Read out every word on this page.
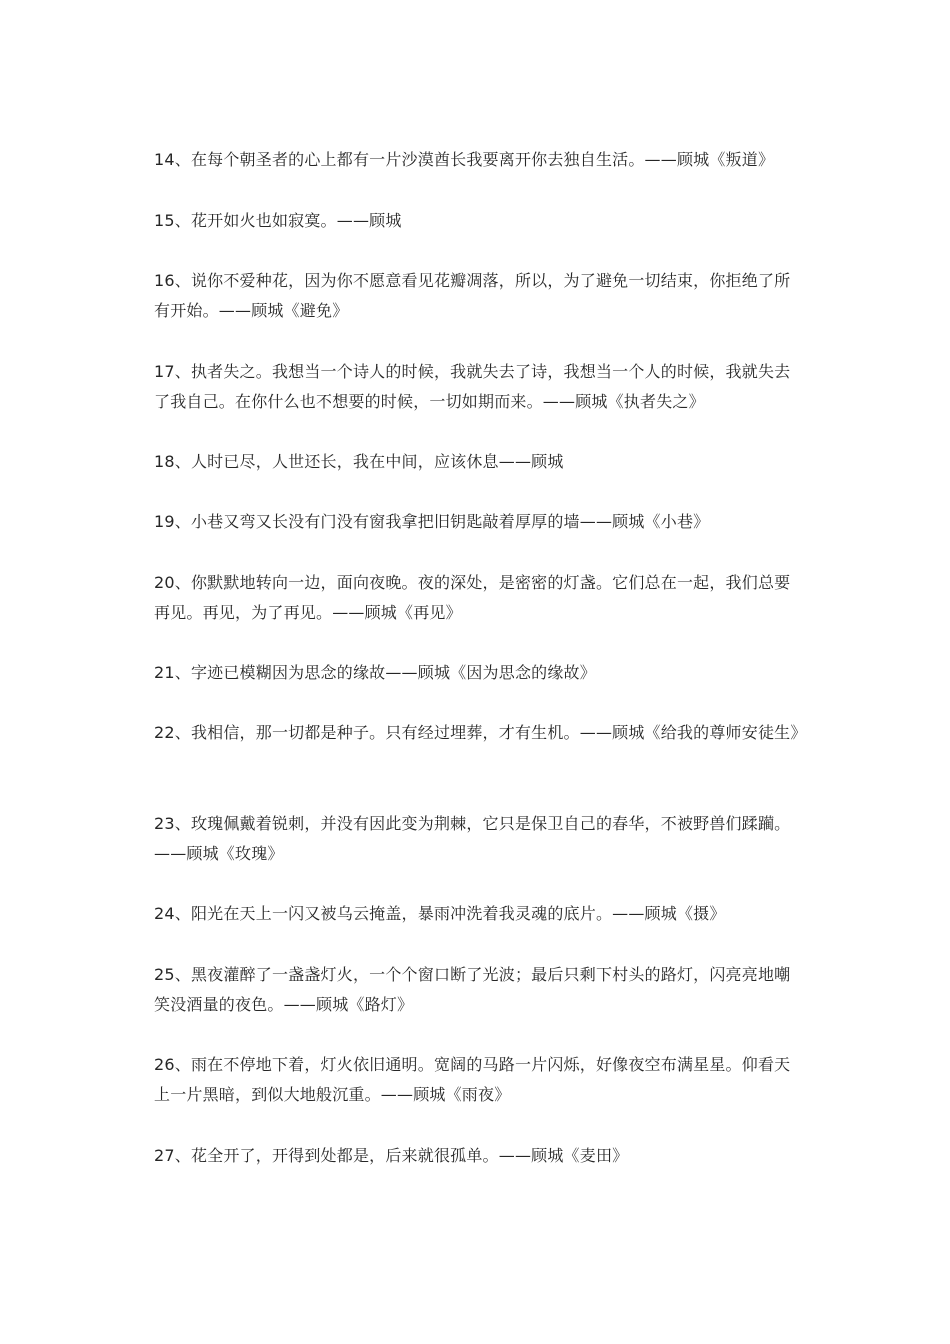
14、在每个朝圣者的心上都有一片沙漠酋长我要离开你去独自生活。——顾城《叛道》

15、花开如火也如寂寞。——顾城

16、说你不爱种花，因为你不愿意看见花瓣凋落，所以，为了避免一切结束，你拒绝了所有开始。——顾城《避免》

17、执者失之。我想当一个诗人的时候，我就失去了诗，我想当一个人的时候，我就失去了我自己。在你什么也不想要的时候，一切如期而来。——顾城《执者失之》

18、人时已尽，人世还长，我在中间，应该休息——顾城

19、小巷又弯又长没有门没有窗我拿把旧钥匙敲着厚厚的墙——顾城《小巷》

20、你默默地转向一边，面向夜晚。夜的深处，是密密的灯盏。它们总在一起，我们总要再见。再见，为了再见。——顾城《再见》

21、字迹已模糊因为思念的缘故——顾城《因为思念的缘故》

22、我相信，那一切都是种子。只有经过埋葬，才有生机。——顾城《给我的尊师安徒生》

23、玫瑰佩戴着锐刺，并没有因此变为荆棘，它只是保卫自己的春华，不被野兽们蹂躏。——顾城《玫瑰》

24、阳光在天上一闪又被乌云掩盖，暴雨冲洗着我灵魂的底片。——顾城《摄》

25、黑夜灌醉了一盏盏灯火，一个个窗口断了光波；最后只剩下村头的路灯，闪亮亮地嘲笑没酒量的夜色。——顾城《路灯》

26、雨在不停地下着，灯火依旧通明。宽阔的马路一片闪烁，好像夜空布满星星。仰看天上一片黑暗，到似大地般沉重。——顾城《雨夜》

27、花全开了，开得到处都是，后来就很孤单。——顾城《麦田》
